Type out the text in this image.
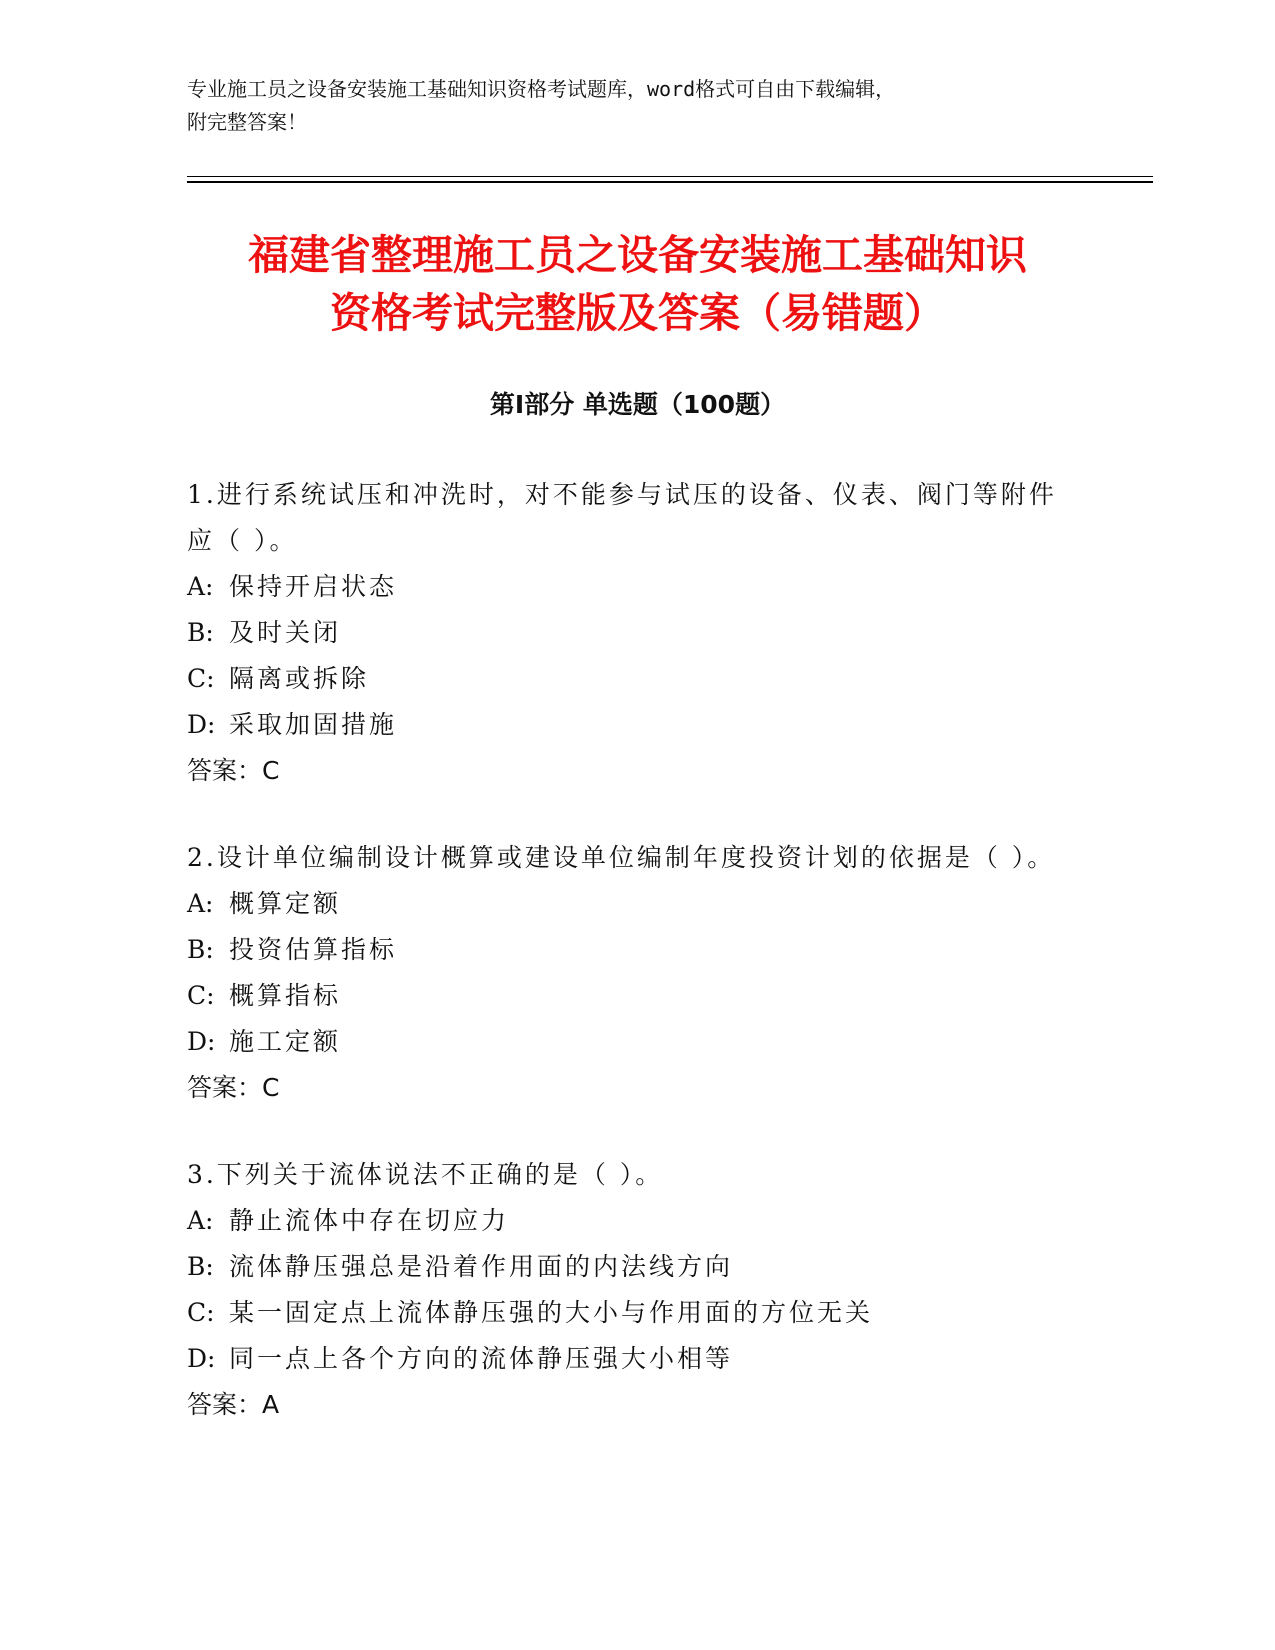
专业施工员之设备安装施工基础知识资格考试题库，word格式可自由下载编辑，
附完整答案！
福建省整理施工员之设备安装施工基础知识
资格考试完整版及答案（易错题）
第Ⅰ部分 单选题（100题）
1.进行系统试压和冲洗时，对不能参与试压的设备、仪表、阀门等附件应（ ）。
A: 保持开启状态
B: 及时关闭
C: 隔离或拆除
D: 采取加固措施
答案：C
2.设计单位编制设计概算或建设单位编制年度投资计划的依据是（ ）。
A: 概算定额
B: 投资估算指标
C: 概算指标
D: 施工定额
答案：C
3.下列关于流体说法不正确的是（ ）。
A: 静止流体中存在切应力
B: 流体静压强总是沿着作用面的内法线方向
C: 某一固定点上流体静压强的大小与作用面的方位无关
D: 同一点上各个方向的流体静压强大小相等
答案：A
